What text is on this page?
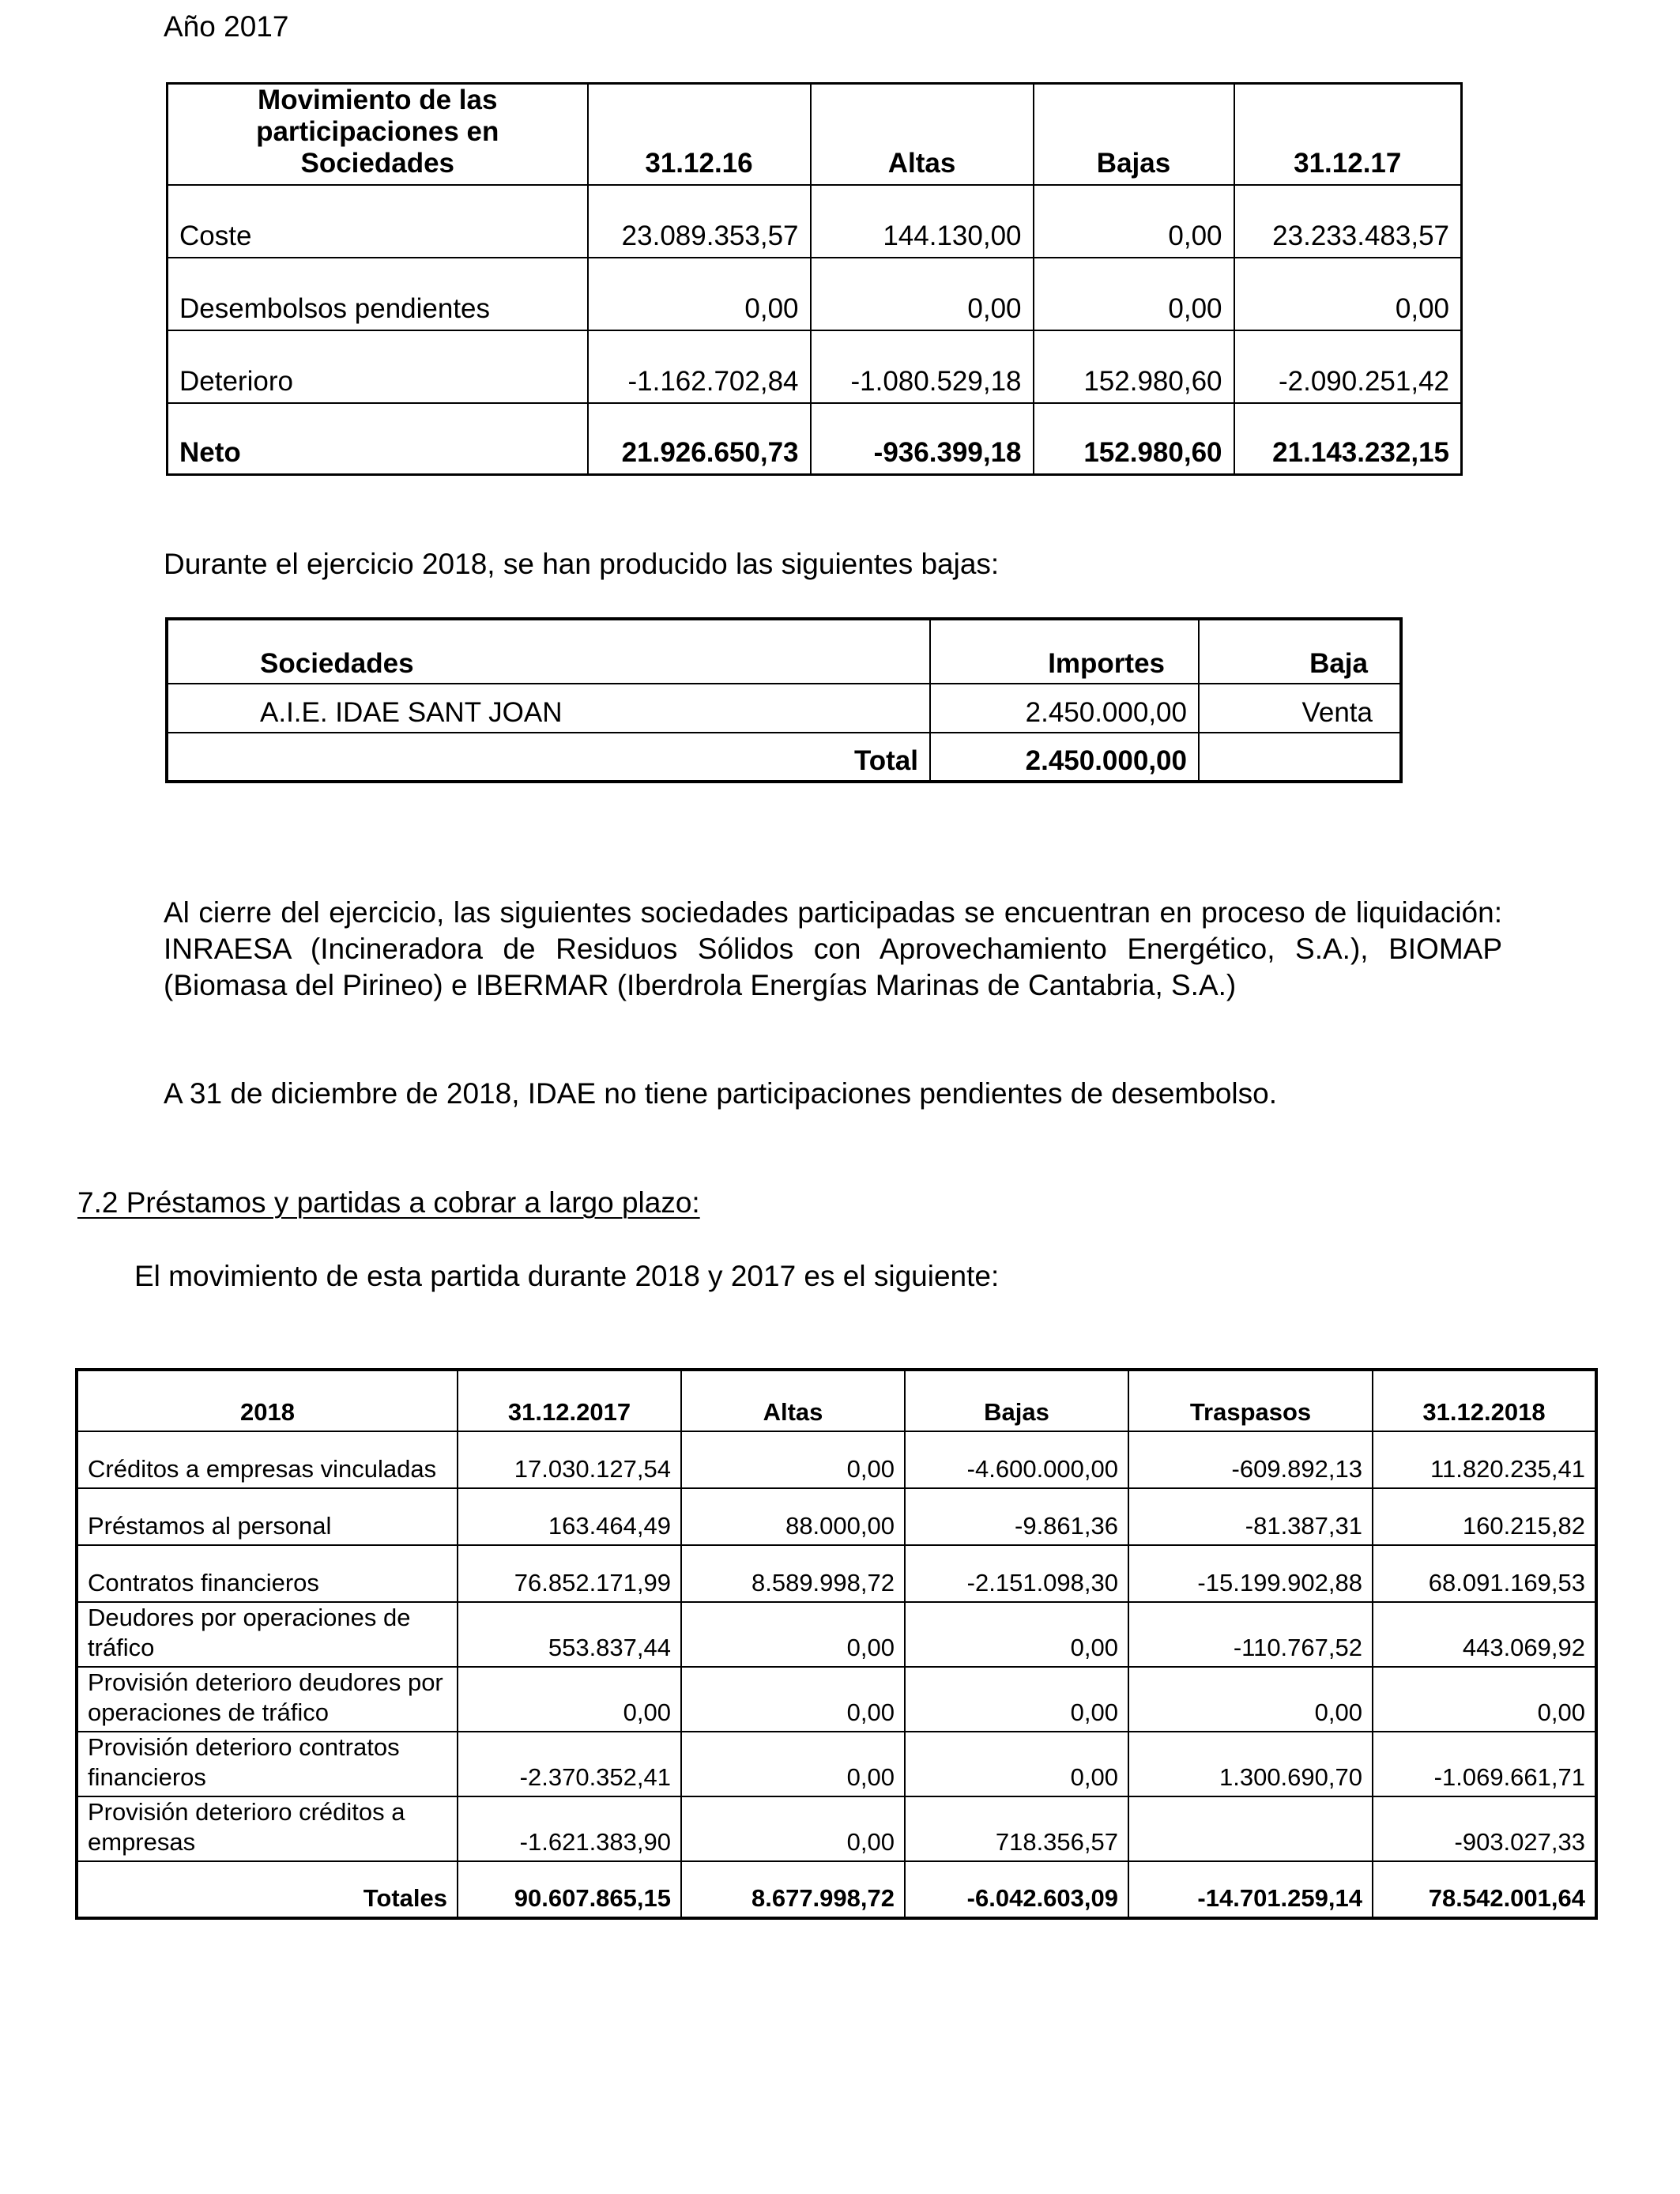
Año 2017
Movimiento de las participaciones en Sociedades	31.12.16	Altas	Bajas	31.12.17
Coste	23.089.353,57	144.130,00	0,00	23.233.483,57
Desembolsos pendientes	0,00	0,00	0,00	0,00
Deterioro	-1.162.702,84	-1.080.529,18	152.980,60	-2.090.251,42
Neto	21.926.650,73	-936.399,18	152.980,60	21.143.232,15
Durante el ejercicio 2018, se han producido las siguientes bajas:
Sociedades	Importes	Baja
A.I.E. IDAE SANT JOAN	2.450.000,00	Venta
Total	2.450.000,00	
Al cierre del ejercicio, las siguientes sociedades participadas se encuentran en proceso de liquidación: INRAESA (Incineradora de Residuos Sólidos con Aprovechamiento Energético, S.A.), BIOMAP (Biomasa del Pirineo) e IBERMAR (Iberdrola Energías Marinas de Cantabria, S.A.)
A 31 de diciembre de 2018, IDAE no tiene participaciones pendientes de desembolso.
7.2 Préstamos y partidas a cobrar a largo plazo:
El movimiento de esta partida durante 2018 y 2017 es el siguiente:
2018	31.12.2017	Altas	Bajas	Traspasos	31.12.2018
Créditos a empresas vinculadas	17.030.127,54	0,00	-4.600.000,00	-609.892,13	11.820.235,41
Préstamos al personal	163.464,49	88.000,00	-9.861,36	-81.387,31	160.215,82
Contratos financieros	76.852.171,99	8.589.998,72	-2.151.098,30	-15.199.902,88	68.091.169,53
Deudores por operaciones de tráfico	553.837,44	0,00	0,00	-110.767,52	443.069,92
Provisión deterioro deudores por operaciones de tráfico	0,00	0,00	0,00	0,00	0,00
Provisión deterioro contratos financieros	-2.370.352,41	0,00	0,00	1.300.690,70	-1.069.661,71
Provisión deterioro créditos a empresas	-1.621.383,90	0,00	718.356,57		-903.027,33
Totales	90.607.865,15	8.677.998,72	-6.042.603,09	-14.701.259,14	78.542.001,64
